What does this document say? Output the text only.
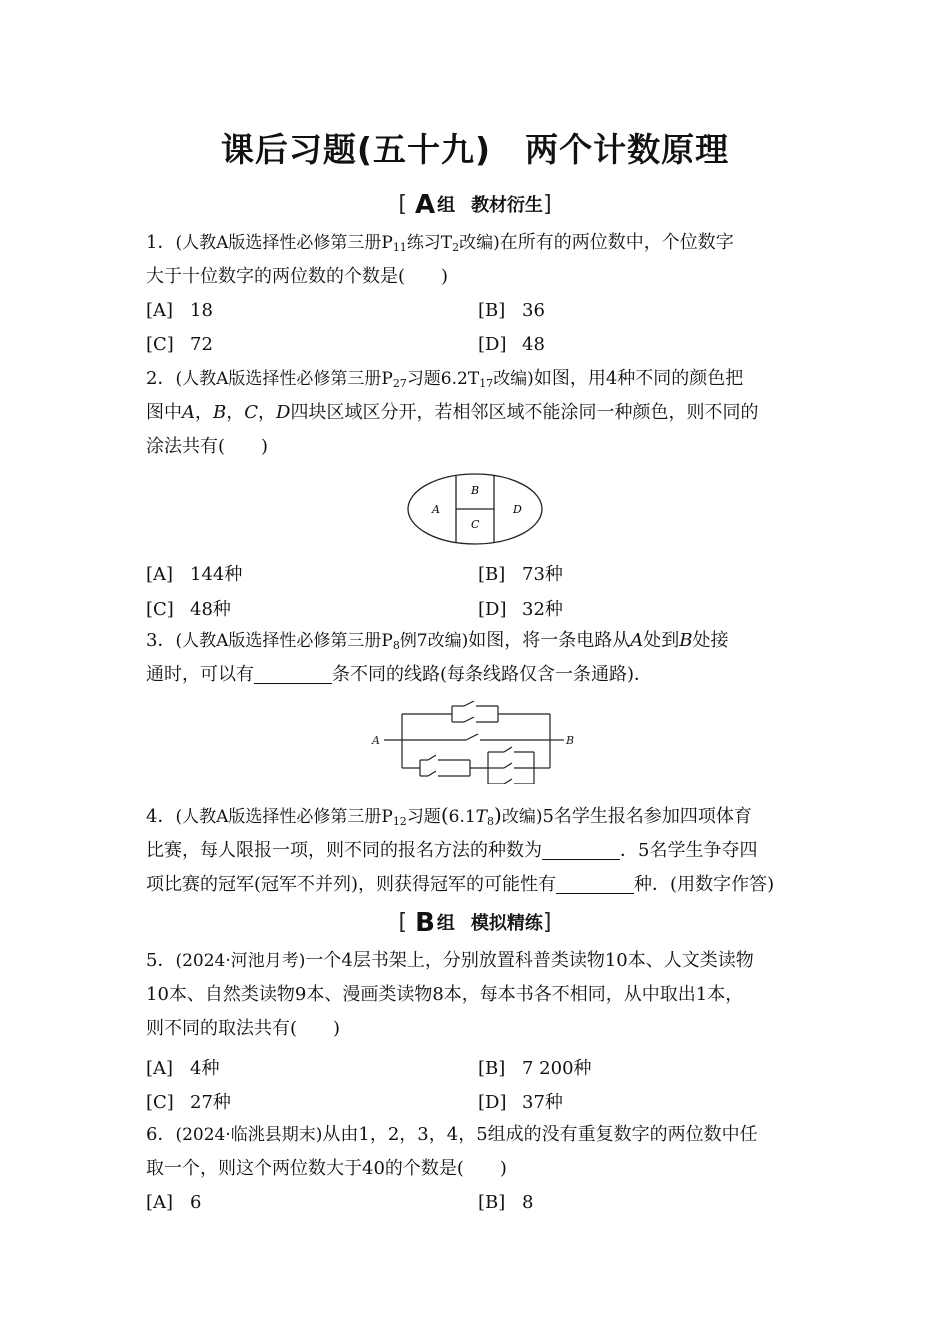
课后习题(五十九)　两个计数原理
[ A 组 教材衍生]
1．(人教A版选择性必修第三册$P_{11}$练习$T_2$改编)在所有的两位数中，个位数字
大于十位数字的两位数的个数是(　　)
[A] 18	[B] 36
[C] 72	[D] 48
2．(人教A版选择性必修第三册$P_{27}$习题$6.2T_{17}$改编)如图，用4种不同的颜色把
图中A，B，C，D四块区域区分开，若相邻区域不能涂同一种颜色，则不同的
涂法共有(　　)
A
B
C
D
[A] 144种	[B] 73种
[C] 48种	[D] 32种
3．(人教A版选择性必修第三册$P_8$例7改编)如图，将一条电路从A处到B处接
通时，可以有	条不同的线路(每条线路仅含一条通路)．
A	B
4．(人教A版选择性必修第三册$P_{12}$习题$(6.1T_8)$改编)5名学生报名参加四项体育
比赛，每人限报一项，则不同的报名方法的种数为	．5名学生争夺四
项比赛的冠军(冠军不并列)，则获得冠军的可能性有	种．(用数字作答)
[ B 组 模拟精练]
5．(2024·河池月考)一个4层书架上，分别放置科普类读物10本、人文类读物
10本、自然类读物9本、漫画类读物8本，每本书各不相同，从中取出1本，
则不同的取法共有(　　)
[A] 4种	[B] 7 200种
[C] 27种	[D] 37种
6．(2024·临洮县期末)从由1，2，3，4，5组成的没有重复数字的两位数中任
取一个，则这个两位数大于40的个数是(　　)
[A] 6	[B] 8
